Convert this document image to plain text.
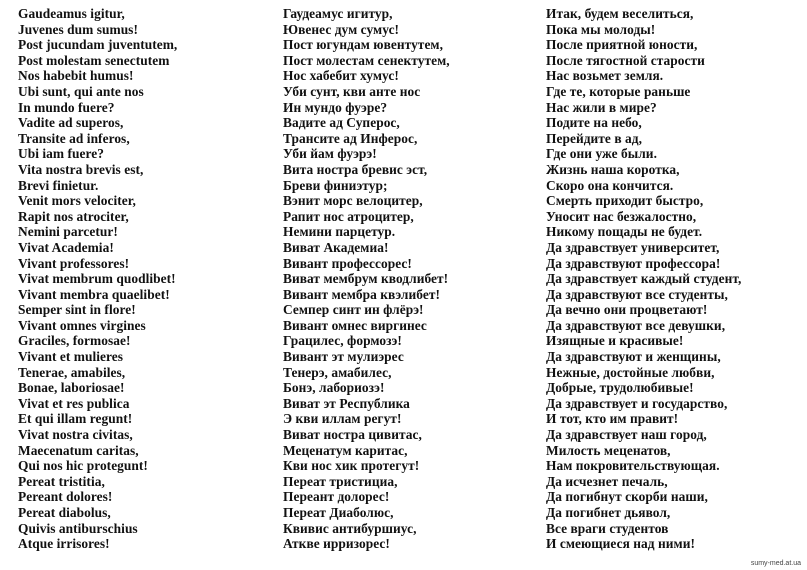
Gaudeamus igitur,
Juvenes dum sumus!
Post jucundam juventutem,
Post molestam senectutem
Nos habebit humus!
Ubi sunt, qui ante nos
In mundo fuere?
Vadite ad superos,
Transite ad inferos,
Ubi iam fuere?
Vita nostra brevis est,
Brevi finietur.
Venit mors velociter,
Rapit nos atrociter,
Nemini parcetur!
Vivat Academia!
Vivant professores!
Vivat membrum quodlibet!
Vivant membra quaelibet!
Semper sint in flore!
Vivant omnes virgines
Graciles, formosae!
Vivant et mulieres
Tenerae, amabiles,
Bonae, laboriosae!
Vivat et res publica
Et qui illam regunt!
Vivat nostra civitas,
Maecenatum caritas,
Qui nos hic protegunt!
Pereat tristitia,
Pereant dolores!
Pereat diabolus,
Quivis antiburschius
Atque irrisores!
Гаудеамус игитур,
Ювенес дум сумус!
Пост югундам ювентутем,
Пост молестам сенектутем,
Нос хабебит хумус!
Уби сунт, кви анте нос
Ин мундо фуэре?
Вадите ад Суперос,
Трансите ад Инферос,
Уби йам фуэрэ!
Вита ностра бревис эст,
Бреви финиэтур;
Вэнит морс велоцитер,
Рапит нос атроцитер,
Немини парцетур.
Виват Академиа!
Вивант профессорес!
Виват мембрум кводлибет!
Вивант мембра квэлибет!
Семпер синт ин флёрэ!
Вивант омнес виргинес
Грацилес, формозэ!
Вивант эт мулиэрес
Тенерэ, амабилес,
Бонэ, лабориозэ!
Виват эт Республика
Э кви иллам регут!
Виват ностра цивитас,
Меценатум каритас,
Кви нос хик протегут!
Переат тристициа,
Переант долорес!
Переат Диаболюс,
Квивис антибуршиус,
Аткве ирризорес!
Итак, будем веселиться,
Пока мы молоды!
После приятной юности,
После тягостной старости
Нас возьмет земля.
Где те, которые раньше
Нас жили в мире?
Подите на небо,
Перейдите в ад,
Где они уже были.
Жизнь наша коротка,
Скоро она кончится.
Смерть приходит быстро,
Уносит нас безжалостно,
Никому пощады не будет.
Да здравствует университет,
Да здравствуют профессора!
Да здравствует каждый студент,
Да здравствуют все студенты,
Да вечно они процветают!
Да здравствуют все девушки,
Изящные и красивые!
Да здравствуют и женщины,
Нежные, достойные любви,
Добрые, трудолюбивые!
Да здравствует и государство,
И тот, кто им правит!
Да здравствует наш город,
Милость меценатов,
Нам покровительствующая.
Да исчезнет печаль,
Да погибнут скорби наши,
Да погибнет дьявол,
Все враги студентов
И смеющиеся над ними!
sumy-med.at.ua
